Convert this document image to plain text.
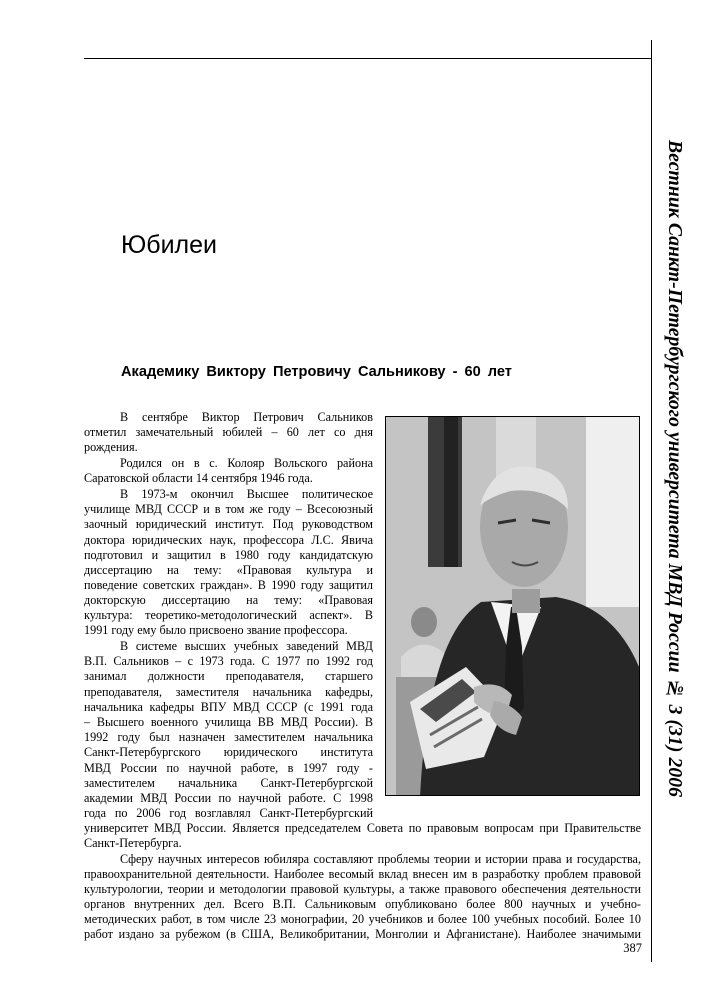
Вестник Санкт-Петербургского университета МВД России № 3 (31) 2006
Юбилеи
Академику Виктору Петровичу Сальникову - 60 лет
В сентябре Виктор Петрович Сальников
отметил замечательный юбилей – 60 лет со дня
рождения.
Родился он в с. Колояр Вольского района
Саратовской области 14 сентября 1946 года.
В 1973-м окончил Высшее политическое
училище МВД СССР и в том же году – Всесоюзный
заочный юридический институт. Под руководством
доктора юридических наук, профессора Л.С. Явича
подготовил и защитил в 1980 году кандидатскую
диссертацию на тему: «Правовая культура и
поведение советских граждан». В 1990 году защитил
докторскую диссертацию на тему: «Правовая
культура: теоретико-методологический аспект». В
1991 году ему было присвоено звание профессора.
В системе высших учебных заведений МВД
В.П. Сальников – с 1973 года. С 1977 по 1992 год
занимал должности преподавателя, старшего
преподавателя, заместителя начальника кафедры,
начальника кафедры ВПУ МВД СССР (с 1991 года
– Высшего военного училища ВВ МВД России). В
1992 году был назначен заместителем начальника
Санкт-Петербургского юридического института
МВД России по научной работе, в 1997 году -
заместителем начальника Санкт-Петербургской
академии МВД России по научной работе. С 1998
года по 2006 год возглавлял Санкт-Петербургский
университет МВД России. Является председателем Совета по правовым вопросам при Правительстве
Санкт-Петербурга.
Сферу научных интересов юбиляра составляют проблемы теории и истории права и государства,
правоохранительной деятельности. Наиболее весомый вклад внесен им в разработку проблем правовой
культурологии, теории и методологии правовой культуры, а также правового обеспечения деятельности
органов внутренних дел. Всего В.П. Сальниковым опубликовано более 800 научных и учебно-
методических работ, в том числе 23 монографии, 20 учебников и более 100 учебных пособий. Более 10
работ издано за рубежом (в США, Великобритании, Монголии и Афганистане). Наиболее значимыми
387
